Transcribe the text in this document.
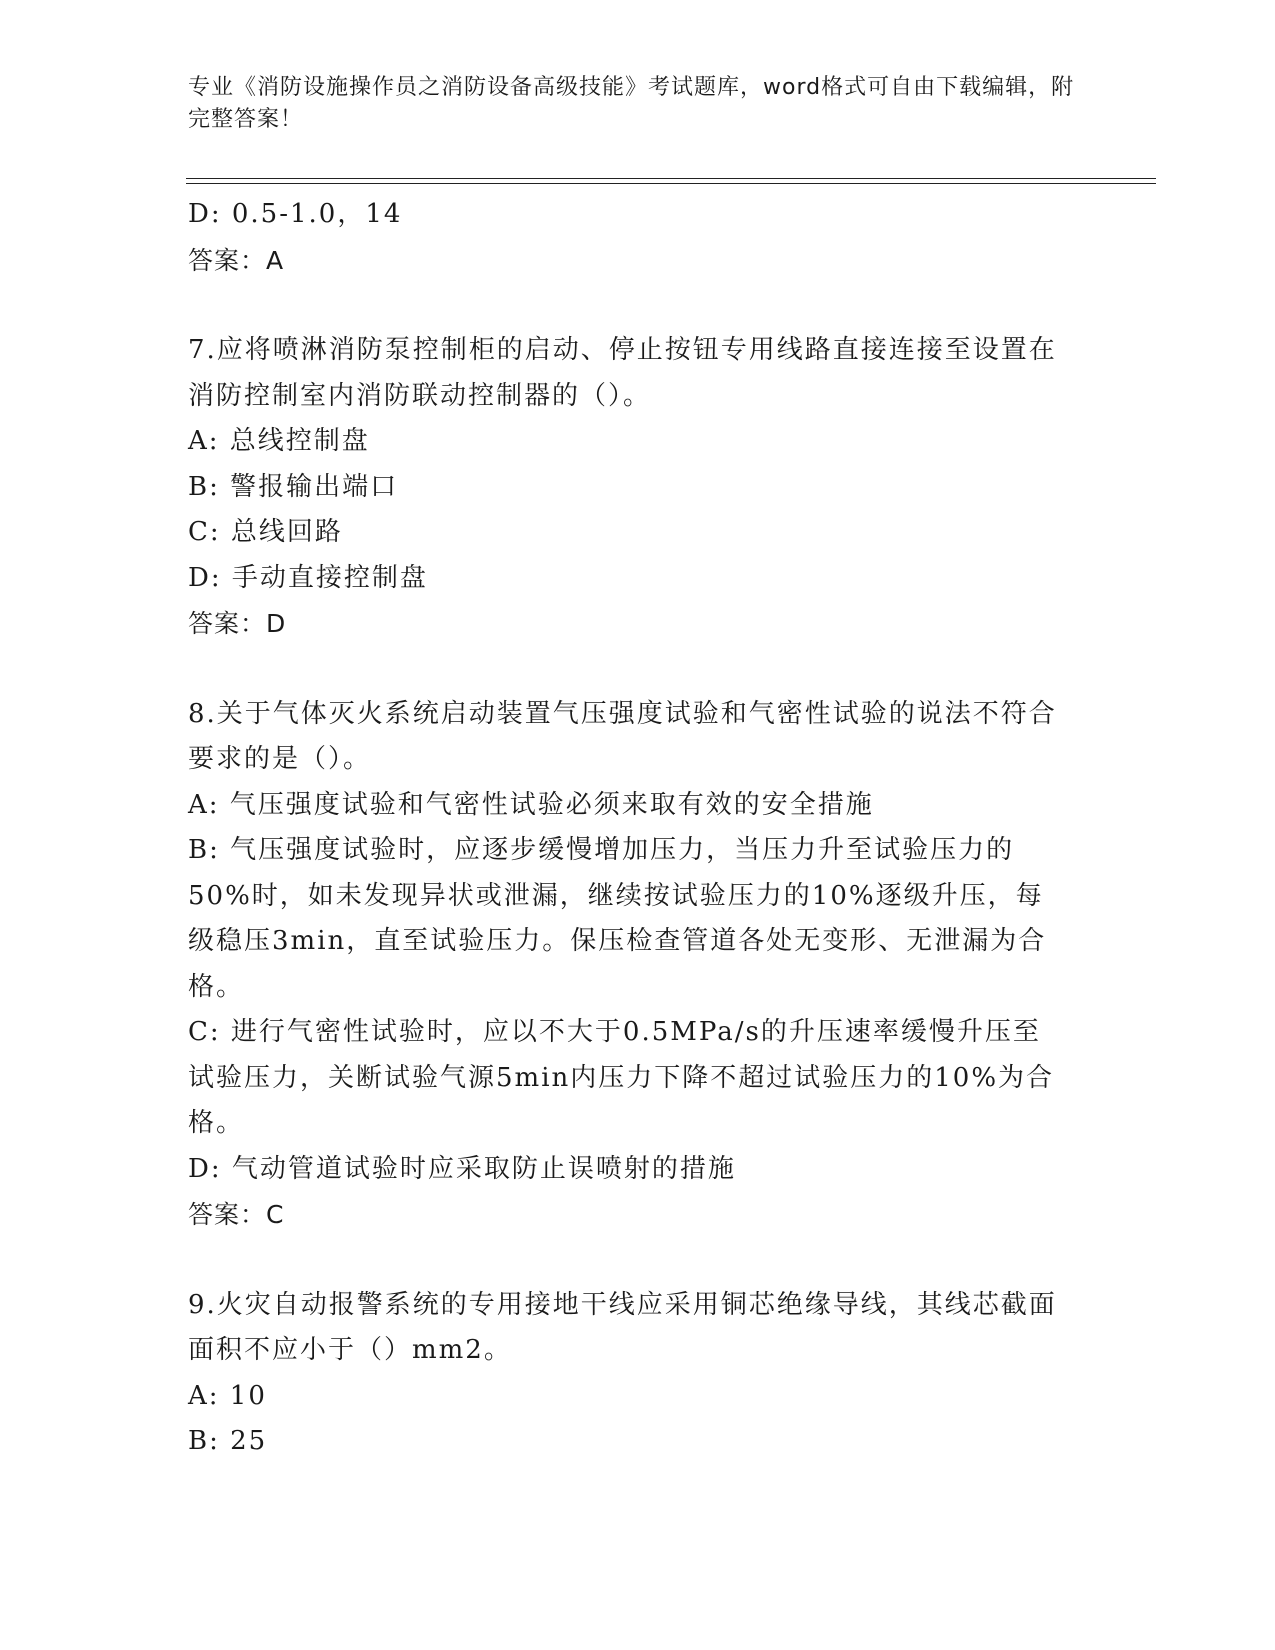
专业《消防设施操作员之消防设备高级技能》考试题库，word格式可自由下载编辑，附完整答案！
D: 0.5-1.0，14
答案：A
7.应将喷淋消防泵控制柜的启动、停止按钮专用线路直接连接至设置在消防控制室内消防联动控制器的（）。
A: 总线控制盘
B: 警报输出端口
C: 总线回路
D: 手动直接控制盘
答案：D
8.关于气体灭火系统启动装置气压强度试验和气密性试验的说法不符合要求的是（）。
A: 气压强度试验和气密性试验必须来取有效的安全措施
B: 气压强度试验时，应逐步缓慢增加压力，当压力升至试验压力的50%时，如未发现异状或泄漏，继续按试验压力的10%逐级升压，每级稳压3min，直至试验压力。保压检查管道各处无变形、无泄漏为合格。
C: 进行气密性试验时，应以不大于0.5MPa/s的升压速率缓慢升压至试验压力，关断试验气源5min内压力下降不超过试验压力的10%为合格。
D: 气动管道试验时应采取防止误喷射的措施
答案：C
9.火灾自动报警系统的专用接地干线应采用铜芯绝缘导线，其线芯截面面积不应小于（）mm2。
A: 10
B: 25
